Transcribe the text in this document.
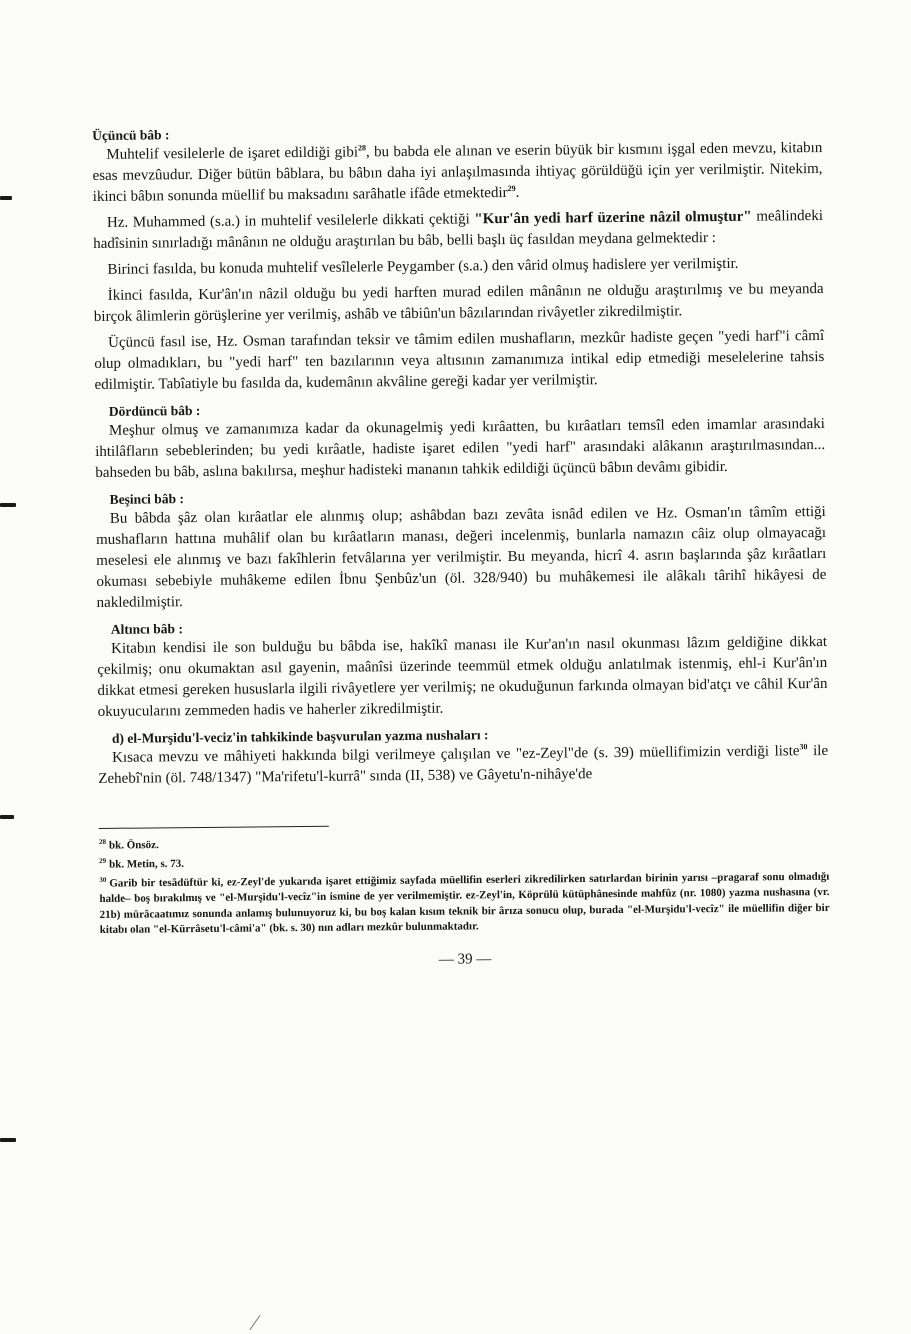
Üçüncü bâb :

Muhtelif vesilelerle de işaret edildiği gibi$^{28}$, bu babda ele alınan ve eserin büyük bir kısmını işgal eden mevzu, kitabın esas mevzûudur. Diğer bütün bâblara, bu bâbın daha iyi anlaşılmasında ihtiyaç görüldüğü için yer verilmiştir. Nitekim, ikinci bâbın sonunda müellif bu maksadını sarâhatle ifâde etmektedir$^{29}$.

Hz. Muhammed (s.a.) in muhtelif vesilelerle dikkati çektiği "Kur'ân yedi harf üzerine nâzil olmuştur" meâlindeki hadîsinin sınırladığı mânânın ne olduğu araştırılan bu bâb, belli başlı üç fasıldan meydana gelmektedir :

Birinci fasılda, bu konuda muhtelif vesîlelerle Peygamber (s.a.) den vârid olmuş hadislere yer verilmiştir.

İkinci fasılda, Kur'ân'ın nâzil olduğu bu yedi harften murad edilen mânânın ne olduğu araştırılmış ve bu meyanda birçok âlimlerin görüşlerine yer verilmiş, ashâb ve tâbiûn'un bâzılarından rivâyetler zikredilmiştir.

Üçüncü fasıl ise, Hz. Osman tarafından teksir ve tâmim edilen mushafların, mezkûr hadiste geçen "yedi harf"i câmî olup olmadıkları, bu "yedi harf" ten bazılarının veya altısının zamanımıza intikal edip etmediği meselelerine tahsis edilmiştir. Tabîatiyle bu fasılda da, kudemânın akvâline gereği kadar yer verilmiştir.

Dördüncü bâb :

Meşhur olmuş ve zamanımıza kadar da okunagelmiş yedi kırâatten, bu kırâatları temsîl eden imamlar arasındaki ihtilâfların sebeblerinden; bu yedi kırâatle, hadiste işaret edilen "yedi harf" arasındaki alâkanın araştırılmasından... bahseden bu bâb, aslına bakılırsa, meşhur hadisteki mananın tahkik edildiği üçüncü bâbın devâmı gibidir.

Beşinci bâb :

Bu bâbda şâz olan kırâatlar ele alınmış olup; ashâbdan bazı zevâta isnâd edilen ve Hz. Osman'ın tâmîm ettiği mushafların hattına muhâlif olan bu kırâatların manası, değeri incelenmiş, bunlarla namazın câiz olup olmayacağı meselesi ele alınmış ve bazı fakîhlerin fetvâlarına yer verilmiştir. Bu meyanda, hicrî 4. asrın başlarında şâz kırâatları okuması sebebiyle muhâkeme edilen İbnu Şenbûz'un (öl. 328/940) bu muhâkemesi ile alâkalı târihî hikâyesi de nakledilmiştir.

Altıncı bâb :

Kitabın kendisi ile son bulduğu bu bâbda ise, hakîkî manası ile Kur'an'ın nasıl okunması lâzım geldiğine dikkat çekilmiş; onu okumaktan asıl gayenin, maânîsi üzerinde teemmül etmek olduğu anlatılmak istenmiş, ehl-i Kur'ân'ın dikkat etmesi gereken hususlarla ilgili rivâyetlere yer verilmiş; ne okuduğunun farkında olmayan bid'atçı ve câhil Kur'ân okuyucularını zemmeden hadis ve haherler zikredilmiştir.

d) el-Murşidu'l-veciz'in tahkikinde başvurulan yazma nushaları :

Kısaca mevzu ve mâhiyeti hakkında bilgi verilmeye çalışılan ve "ez-Zeyl"de (s. 39) müellifimizin verdiği liste$^{30}$ ile Zehebî'nin (öl. 748/1347) "Ma'rifetu'l-kurrâ" sında (II, 538) ve Gâyetu'n-nihâye'de

$^{28}$ bk. Önsöz.

$^{29}$ bk. Metin, s. 73.

$^{30}$ Garib bir tesâdüftür ki, ez-Zeyl'de yukarıda işaret ettiğimiz sayfada müellifin eserleri zikredilirken satırlardan birinin yarısı –pragaraf sonu olmadığı halde– boş bırakılmış ve "el-Murşidu'l-vecîz"in ismine de yer verilmemiştir. ez-Zeyl'in, Köprülü kütüphânesinde mahfûz (nr. 1080) yazma nushasına (vr. 21b) mürâcaatımız sonunda anlamış bulunuyoruz ki, bu boş kalan kısım teknik bir ârıza sonucu olup, burada "el-Murşidu'l-vecîz" ile müellifin diğer bir kitabı olan "el-Kürrâsetu'l-câmi'a" (bk. s. 30) nın adları mezkûr bulunmaktadır.

— 39 —
